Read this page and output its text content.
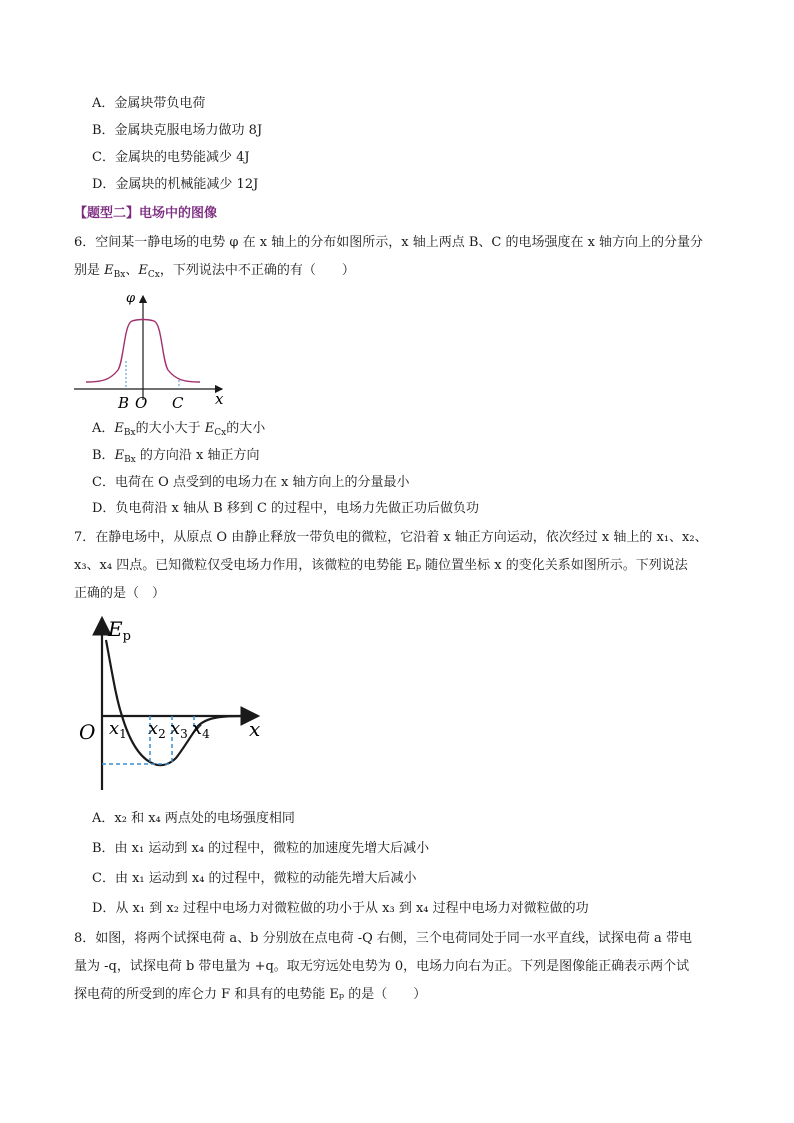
A．金属块带负电荷
B．金属块克服电场力做功 8J
C．金属块的电势能减少 4J
D．金属块的机械能减少 12J
【题型二】电场中的图像
6．空间某一静电场的电势 φ 在 x 轴上的分布如图所示，x 轴上两点 B、C 的电场强度在 x 轴方向上的分量分
别是 $E_{Bx}$、$E_{Cx}$，下列说法中不正确的有（　　）
φ
x
B O C
A．$E_{Bx}$的大小大于 $E_{Cx}$的大小
B．$E_{Bx}$ 的方向沿 x 轴正方向
C．电荷在 O 点受到的电场力在 x 轴方向上的分量最小
D．负电荷沿 x 轴从 B 移到 C 的过程中，电场力先做正功后做负功
7．在静电场中，从原点 O 由静止释放一带负电的微粒，它沿着 x 轴正方向运动，依次经过 x 轴上的 x₁、x₂、
x₃、x₄ 四点。已知微粒仅受电场力作用，该微粒的电势能 Eₚ 随位置坐标 x 的变化关系如图所示。下列说法
正确的是（　）
$E_p$
O	x
$x_1$ $x_2$ $x_3$ $x_4$
A．x₂ 和 x₄ 两点处的电场强度相同
B．由 x₁ 运动到 x₄ 的过程中，微粒的加速度先增大后减小
C．由 x₁ 运动到 x₄ 的过程中，微粒的动能先增大后减小
D．从 x₁ 到 x₂ 过程中电场力对微粒做的功小于从 x₃ 到 x₄ 过程中电场力对微粒做的功
8．如图，将两个试探电荷 a、b 分别放在点电荷 -Q 右侧，三个电荷同处于同一水平直线，试探电荷 a 带电
量为 -q，试探电荷 b 带电量为 +q。取无穷远处电势为 0，电场力向右为正。下列是图像能正确表示两个试
探电荷的所受到的库仑力 F 和具有的电势能 Eₚ 的是（　　）
